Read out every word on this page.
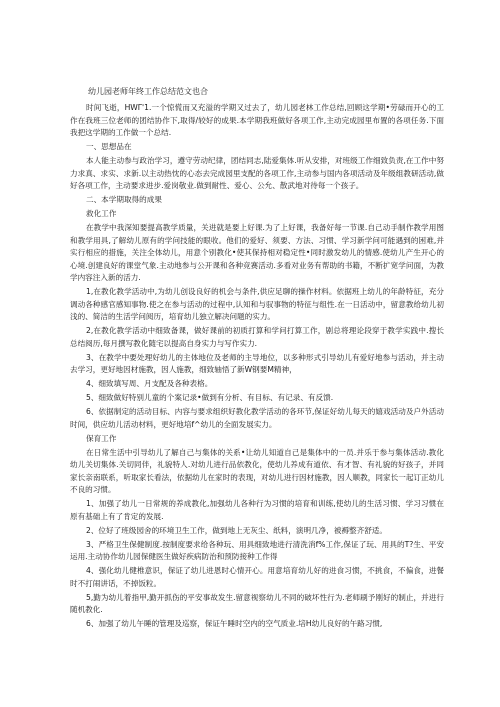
幼儿园老师年终工作总结范文也合
时间飞逝，HWΓ'1.一个惊慌而又充溢的学期又过去了，幼儿园老林工作总结,回顾这学期•劳碌而开心的工作在我班三位老师的团结协作下,取得/较好的成果.本学期我班做好各项工作,主动完成园里布置的各项任务.下面我把这学期的工作做一个总结.
一、思想品在
本人能主动参与政治学习，遵守劳动纪律，团结同志,陆爱集体.听从安排，对班级工作细致负责,在工作中努力求真、求实、求新.以主动热忱的心态去完成园里支配的各项工作,主动参与国内各项活动及年级组教研活动,做好各项工作，主动要求进步.爱岗敬业.做到耐性、爱心、公允、散武地对待每一个孩子。
二、本学期取得的成果
救化工作
在教学中我深知要提高教学质量，关进就是要上好课.为了上好课，我备好每一节课.自己动手制作教学用图和教学用具,了解幼儿原有的学问技能的眼收。他们的爱好、须要、方法、习惯、学习新学问可能遇到的困难,并实行相应的措施，关注全体幼儿，用意个别教化•使其保持相对稳定性•同时激发幼儿的情感.使幼儿产生开心的心境.创建良好的课堂气象.主动地参与公开课和各种竞赛活动.多看对业务有帮助的书籍，不断扩宽学问面，为教学内容注入新的活力.
1,在教化教学活动中,为幼儿创设良好的机会与条件,供应足聊的操作材料。依据班上幼儿的年龄特征，充分调动各种感官感知事物.使之在参与活动的过程中,认知和与驭事物的特征与组性.在一日活动中，留意教给幼儿初浅的、简洁的生活学问阅历，培育幼儿独立解决问题的实力。
2,在教化教学活动中细致备课，做好课前的初质打算和学问打算工作，剧总将理论段穿于教学实践中.搜长总结阅历,每月撰写教化随宅以提高自身实力与写作实力.
3、在教学中要处理好幼儿的主体地位及老师的主导地位，以多种形式引导幼儿有爱好地参与活动，并主动去学习，更好地因材施教，因人施教，细致轴悟了新W钢要M精神，
4、细致填写周、月支配及各种表格。
5、细致做好特别儿童的个案记录•做到有分析、有目标、有记录、有反馈.
6、依据制定的活动目标、内容与要求组织好教化教学活动的各环节,保证好幼儿每天的嬉戏活动及户外活动时间，供应幼儿活动材料，更好地培f^幼儿的全面发展实力。
保育工作
在日常生活中引导幼儿了解自己与集体的关系•让幼儿知道自己是集体中的一员.并乐于参与集体活动.教化幼儿关切集体.关切同伴，礼貌特人.对幼儿进行品依教化，使幼儿养成有道依、有才智、有礼貌的好孩子，并同家长亲南联系，听取家长看法，依据幼儿在家时的表现，对幼儿进行因材施教，因人顺教，同家长一起订正幼儿不良的习惯。
1、加强了幼儿一日常规的养成教化,加强幼儿各种行为习惯的培育和训练,使幼儿的生活习惯、学习习惯在原有基础上有了肯定的发展.
2、位好了班级园舍的环境卫生工作，做到地上无灰尘、纸料，演明几净，被褥整齐舒适。
3、严格卫生保健制度.按制度要求给各种玩、用具细致地进行清洗消f%工作,保证了玩、用具的T?生、平安运用.主动协作幼儿园保健医生做好疾病防治和预防接种工作得
4、强化幼儿健椎意识，保证了幼儿进恩时心情开心。用意培育幼儿好的进食习惯，不挑食，不偏食，进餐时不打闹讲话，不掉饭粒。
5,勤为幼儿着指甲,勤开抓伤的平安事故发生.留意视察幼儿不同的破坏性行为.老师刷予刚好的制止，并进行随机教化.
6、加强了幼儿午睡的管理及巡察，保证午睡时空内的空气质业.培H幼儿良好的午路习惯,
